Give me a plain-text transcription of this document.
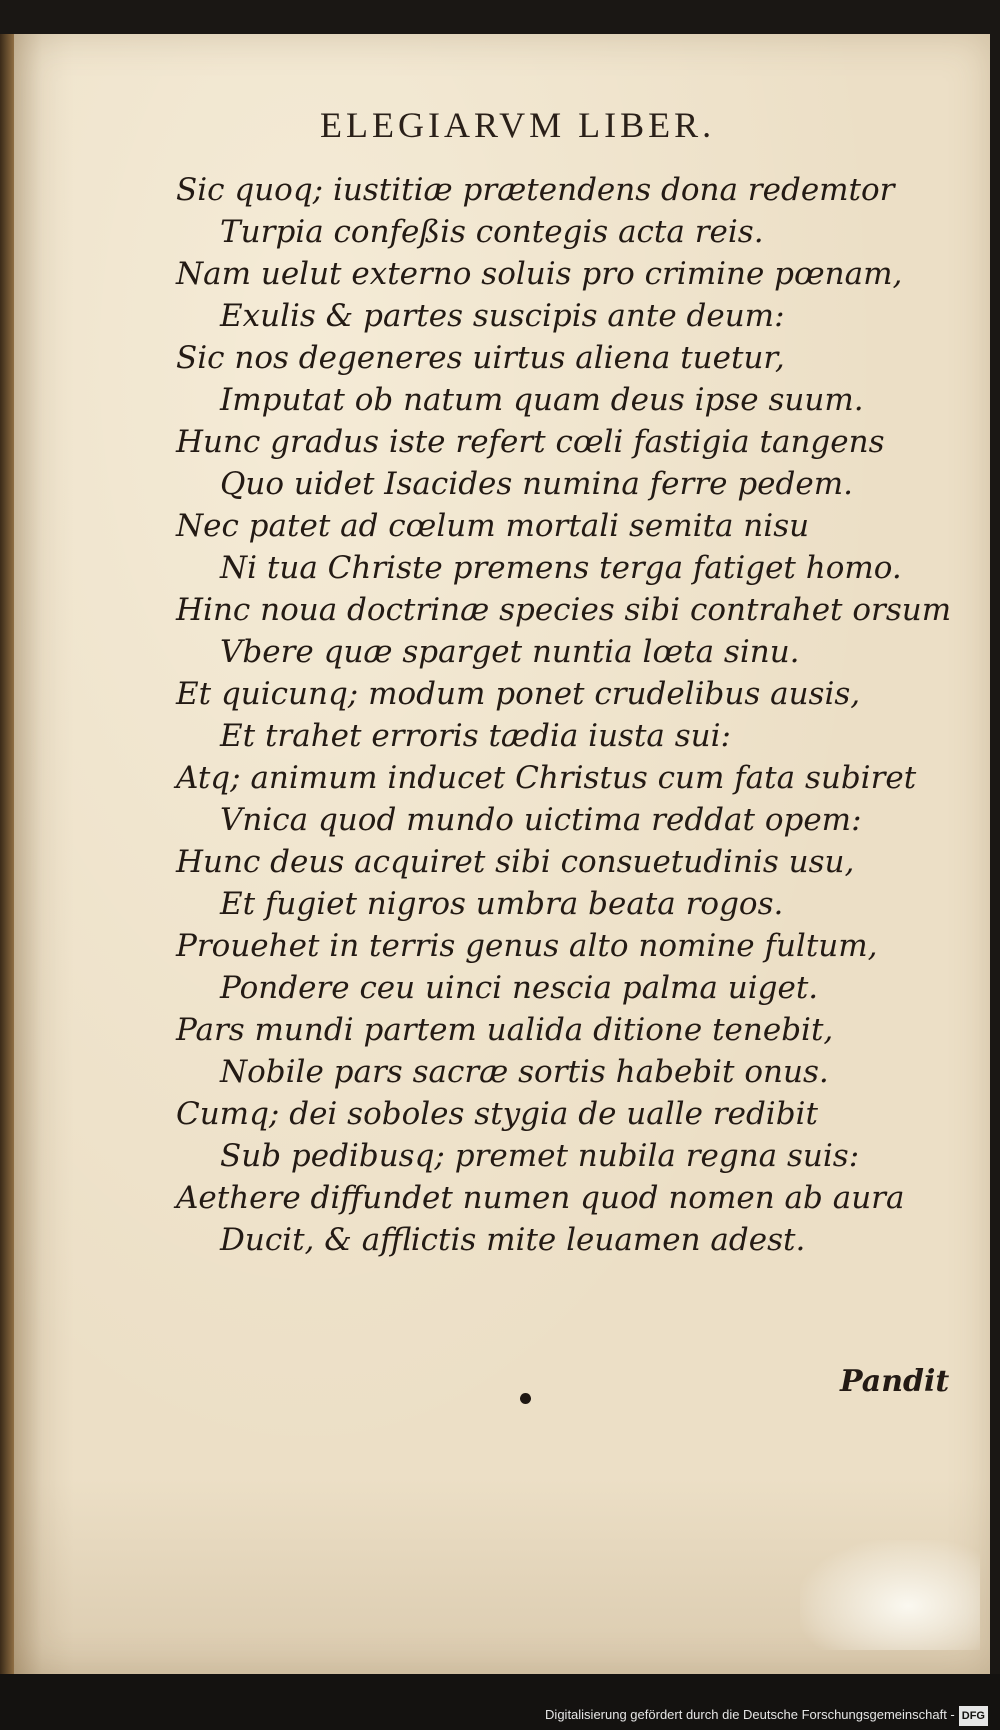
ELEGIARVM LIBER.
Sic quoq; iustitiæ prætendens dona redemtor
Turpia confeßis contegis acta reis.
Nam uelut externo soluis pro crimine pœnam,
Exulis & partes suscipis ante deum:
Sic nos degeneres uirtus aliena tuetur,
Imputat ob natum quam deus ipse suum.
Hunc gradus iste refert cœli fastigia tangens
Quo uidet Isacides numina ferre pedem.
Nec patet ad cœlum mortali semita nisu
Ni tua Christe premens terga fatiget homo.
Hinc noua doctrinæ species sibi contrahet orsum
Vbere quæ sparget nuntia lœta sinu.
Et quicunq; modum ponet crudelibus ausis,
Et trahet erroris tædia iusta sui:
Atq; animum inducet Christus cum fata subiret
Vnica quod mundo uictima reddat opem:
Hunc deus acquiret sibi consuetudinis usu,
Et fugiet nigros umbra beata rogos.
Prouehet in terris genus alto nomine fultum,
Pondere ceu uinci nescia palma uiget.
Pars mundi partem ualida ditione tenebit,
Nobile pars sacræ sortis habebit onus.
Cumq; dei soboles stygia de ualle redibit
Sub pedibusq; premet nubila regna suis:
Aethere diffundet numen quod nomen ab aura
Ducit, & afflictis mite leuamen adest.
Pandit
Digitalisierung gefördert durch die Deutsche Forschungsgemeinschaft - DFG
